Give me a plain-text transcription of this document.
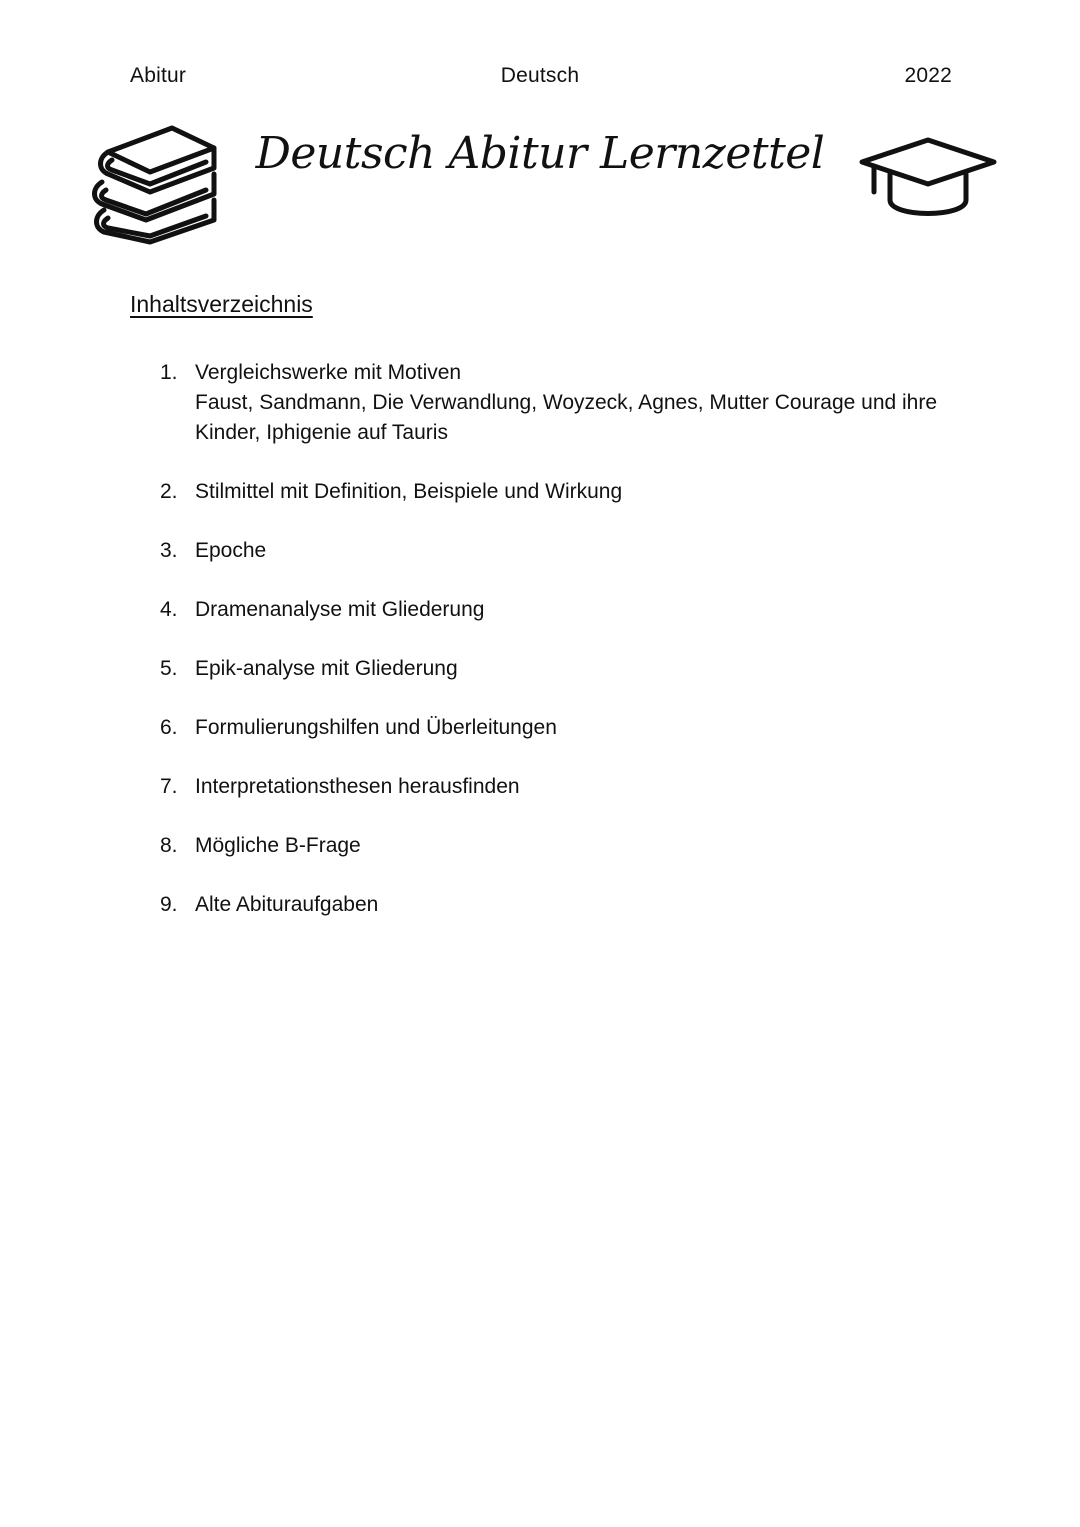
Abitur	Deutsch	2022
Deutsch Abitur Lernzettel
Inhaltsverzeichnis
1. Vergleichswerke mit Motiven
Faust, Sandmann, Die Verwandlung, Woyzeck, Agnes, Mutter Courage und ihre Kinder, Iphigenie auf Tauris
2. Stilmittel mit Definition, Beispiele und Wirkung
3. Epoche
4. Dramenanalyse mit Gliederung
5. Epik-analyse mit Gliederung
6. Formulierungshilfen und Überleitungen
7. Interpretationsthesen herausfinden
8. Mögliche B-Frage
9. Alte Abituraufgaben
